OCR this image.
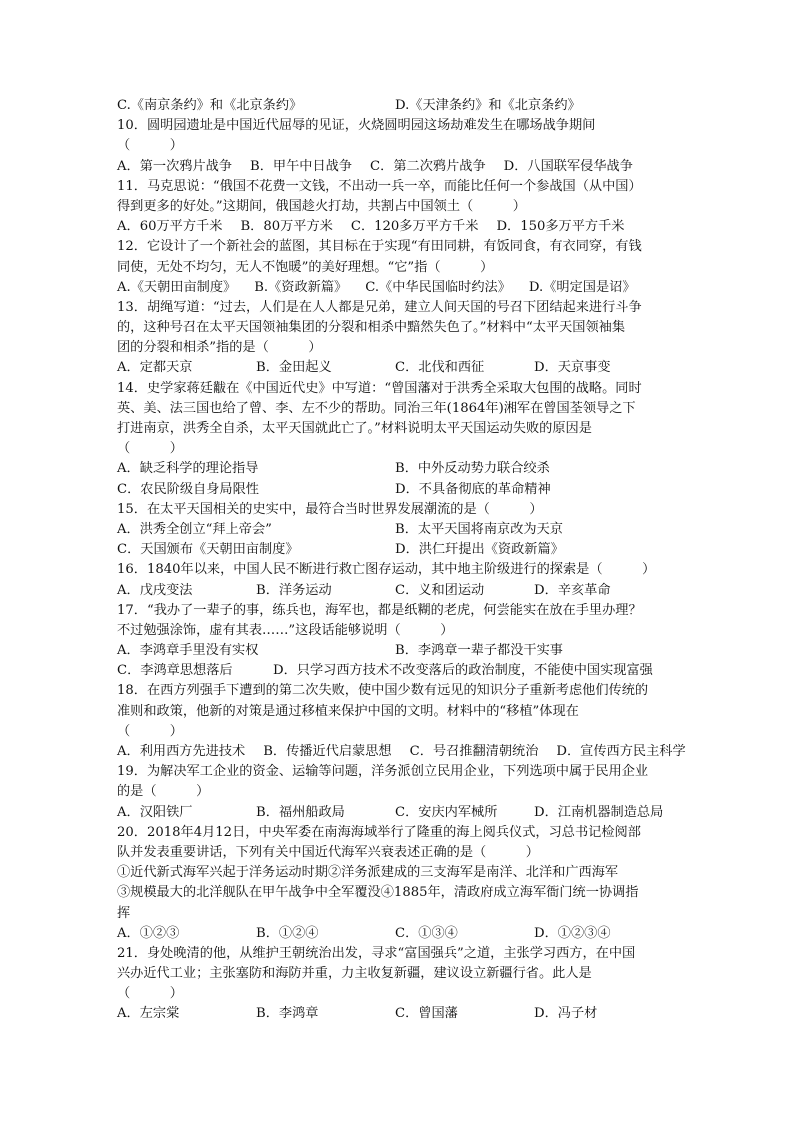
C.《南京条约》和《北京条约》	D.《天津条约》和《北京条约》
10．圆明园遗址是中国近代屈辱的见证，火烧圆明园这场劫难发生在哪场战争期间
（　　　）
A．第一次鸦片战争 B．甲午中日战争 C．第二次鸦片战争 D．八国联军侵华战争
11．马克思说：“俄国不花费一文钱，不出动一兵一卒，而能比任何一个参战国（从中国）
得到更多的好处。”这期间，俄国趁火打劫，共割占中国领土（　　　）
A．60万平方千米 B．80万平方米 C．120多万平方千米 D．150多万平方千米
12．它设计了一个新社会的蓝图，其目标在于实现“有田同耕，有饭同食，有衣同穿，有钱
同使，无处不均匀，无人不饱暖”的美好理想。“它”指（　　　）
A.《天朝田亩制度》 B.《资政新篇》 C.《中华民国临时约法》 D.《明定国是诏》
13．胡绳写道：“过去，人们是在人人都是兄弟，建立人间天国的号召下团结起来进行斗争
的，这种号召在太平天国领袖集团的分裂和相杀中黯然失色了。”材料中“太平天国领袖集
团的分裂和相杀”指的是（　　　）
A．定都天京	B．金田起义	C．北伐和西征	D．天京事变
14．史学家蒋廷黻在《中国近代史》中写道：“曾国藩对于洪秀全采取大包围的战略。同时
英、美、法三国也给了曾、李、左不少的帮助。同治三年(1864年)湘军在曾国荃领导之下
打进南京，洪秀全自杀，太平天国就此亡了。”材料说明太平天国运动失败的原因是
（　　　）
A．缺乏科学的理论指导	B．中外反动势力联合绞杀
C．农民阶级自身局限性	D．不具备彻底的革命精神
15．在太平天国相关的史实中，最符合当时世界发展潮流的是（　　　）
A．洪秀全创立“拜上帝会”	B．太平天国将南京改为天京
C．天国颁布《天朝田亩制度》	D．洪仁玕提出《资政新篇》
16．1840年以来，中国人民不断进行救亡图存运动，其中地主阶级进行的探索是（　　　）
A．戊戌变法	B．洋务运动	C．义和团运动	D．辛亥革命
17．“我办了一辈子的事，练兵也，海军也，都是纸糊的老虎，何尝能实在放在手里办理？
不过勉强涂饰，虚有其表……”这段话能够说明（　　　）
A．李鸿章手里没有实权	B．李鸿章一辈子都没干实事
C．李鸿章思想落后	D．只学习西方技术不改变落后的政治制度，不能使中国实现富强
18．在西方列强手下遭到的第二次失败，使中国少数有远见的知识分子重新考虑他们传统的
准则和政策，他新的对策是通过移植来保护中国的文明。材料中的“移植”体现在
（　　　）
A．利用西方先进技术 B．传播近代启蒙思想 C．号召推翻清朝统治 D．宣传西方民主科学
19．为解决军工企业的资金、运输等问题，洋务派创立民用企业，下列选项中属于民用企业
的是（　　　）
A．汉阳铁厂	B．福州船政局	C．安庆内军械所	D．江南机器制造总局
20．2018年4月12日，中央军委在南海海域举行了隆重的海上阅兵仪式，习总书记检阅部
队并发表重要讲话，下列有关中国近代海军兴衰表述正确的是（　　　）
①近代新式海军兴起于洋务运动时期②洋务派建成的三支海军是南洋、北洋和广西海军
③规模最大的北洋舰队在甲午战争中全军覆没④1885年，清政府成立海军衙门统一协调指
挥
A．①②③	B．①②④	C．①③④	D．①②③④
21．身处晚清的他，从维护王朝统治出发，寻求“富国强兵”之道，主张学习西方，在中国
兴办近代工业；主张塞防和海防并重，力主收复新疆，建议设立新疆行省。此人是
（　　　）
A．左宗棠	B．李鸿章	C．曾国藩	D．冯子材
